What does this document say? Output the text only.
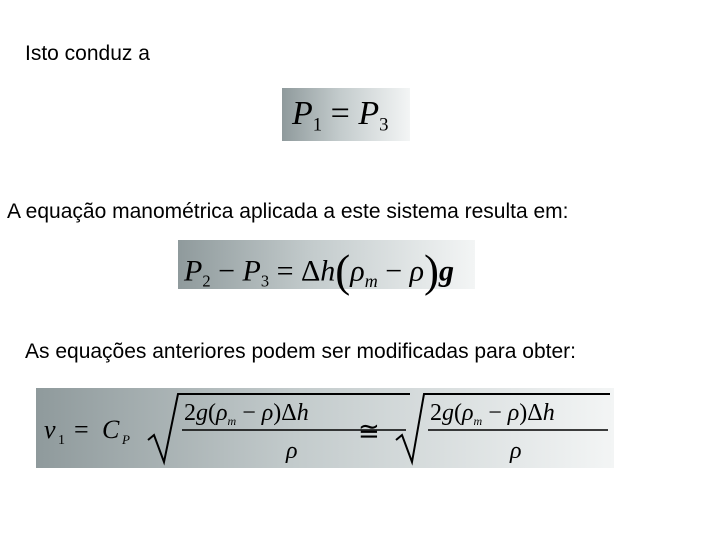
Isto conduz a
$P_1 = P_3$
A equação manométrica aplicada a este sistema resulta em:
$P_2 - P_3 = \Delta h(\rho_m - \rho)g$
As equações anteriores podem ser modificadas para obter:
v 1 = C P
$2g(\rho_m - \rho)\Delta h$
ρ
≅
$2g(\rho_m - \rho)\Delta h$
ρ
